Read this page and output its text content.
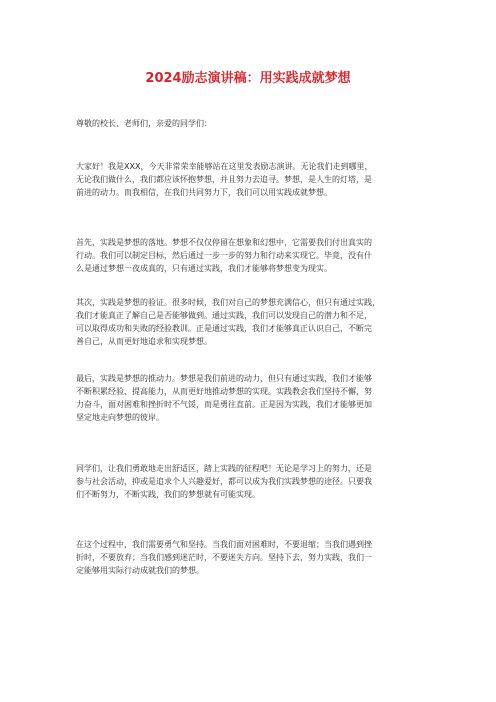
2024励志演讲稿：用实践成就梦想

尊敬的校长、老师们，亲爱的同学们：

大家好！我是XXX，今天非常荣幸能够站在这里发表励志演讲。无论我们走到哪里，
无论我们做什么，我们都应该怀抱梦想，并且努力去追寻。梦想，是人生的灯塔，是
前进的动力。而我相信，在我们共同努力下，我们可以用实践成就梦想。

首先，实践是梦想的落地。梦想不仅仅停留在想象和幻想中，它需要我们付出真实的
行动。我们可以制定目标，然后通过一步一步的努力和行动来实现它。毕竟，没有什
么是通过梦想一夜成真的，只有通过实践，我们才能够将梦想变为现实。

其次，实践是梦想的验证。很多时候，我们对自己的梦想充满信心，但只有通过实践，
我们才能真正了解自己是否能够做到。通过实践，我们可以发现自己的潜力和不足，
可以取得成功和失败的经验教训。正是通过实践，我们才能够真正认识自己，不断完
善自己，从而更好地追求和实现梦想。

最后，实践是梦想的推动力。梦想是我们前进的动力，但只有通过实践，我们才能够
不断积累经验、提高能力，从而更好地推动梦想的实现。实践教会我们坚持不懈，努
力奋斗，面对困难和挫折时不气馁，而是勇往直前。正是因为实践，我们才能够更加
坚定地走向梦想的彼岸。

同学们，让我们勇敢地走出舒适区，踏上实践的征程吧！无论是学习上的努力，还是
参与社会活动，抑或是追求个人兴趣爱好，都可以成为我们实践梦想的途径。只要我
们不断努力，不断实践，我们的梦想就有可能实现。

在这个过程中，我们需要勇气和坚持。当我们面对困难时，不要退缩；当我们遇到挫
折时，不要放弃；当我们感到迷茫时，不要迷失方向。坚持下去，努力实践，我们一
定能够用实际行动成就我们的梦想。
